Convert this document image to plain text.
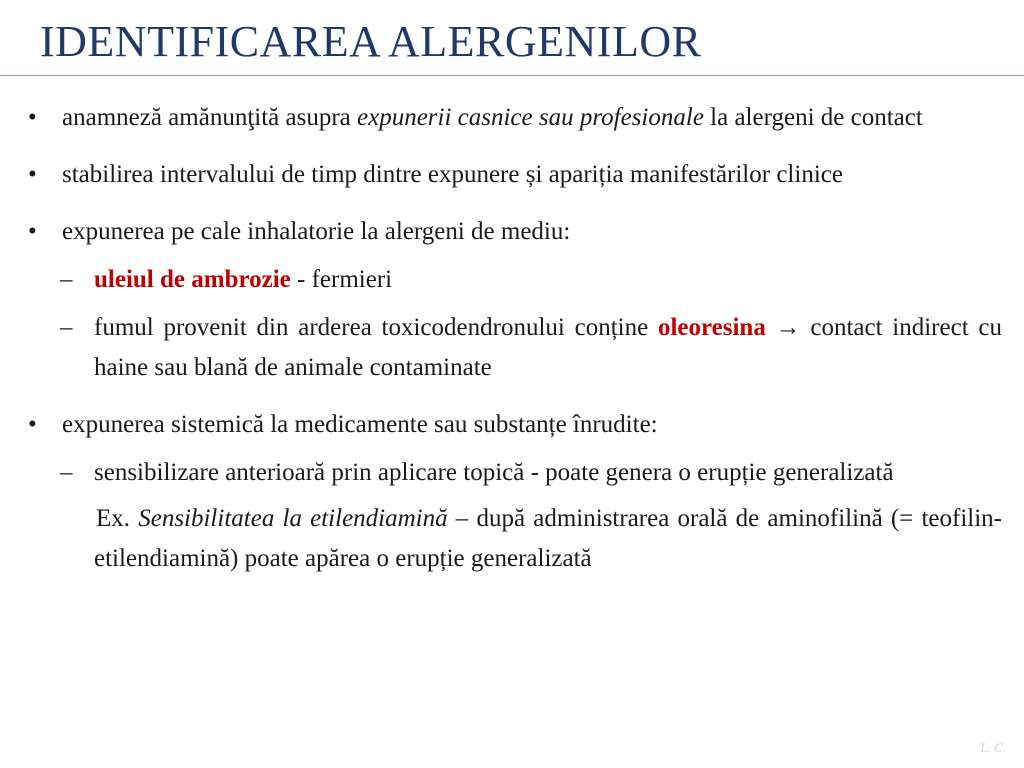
IDENTIFICAREA ALERGENILOR
•	anamneză amănunţită asupra expunerii casnice sau profesionale la alergeni de contact
•	stabilirea intervalului de timp dintre expunere și apariția manifestărilor clinice
•	expunerea pe cale inhalatorie la alergeni de mediu:
– uleiul de ambrozie - fermieri
– fumul provenit din arderea toxicodendronului conține oleoresina → contact indirect cu haine sau blană de animale contaminate
•	expunerea sistemică la medicamente sau substanțe înrudite:
– sensibilizare anterioară prin aplicare topică - poate genera o erupție generalizată
Ex. Sensibilitatea la etilendiamină – după administrarea orală de aminofilină (= teofilin-etilendiamină) poate apărea o erupție generalizată
L. C.
